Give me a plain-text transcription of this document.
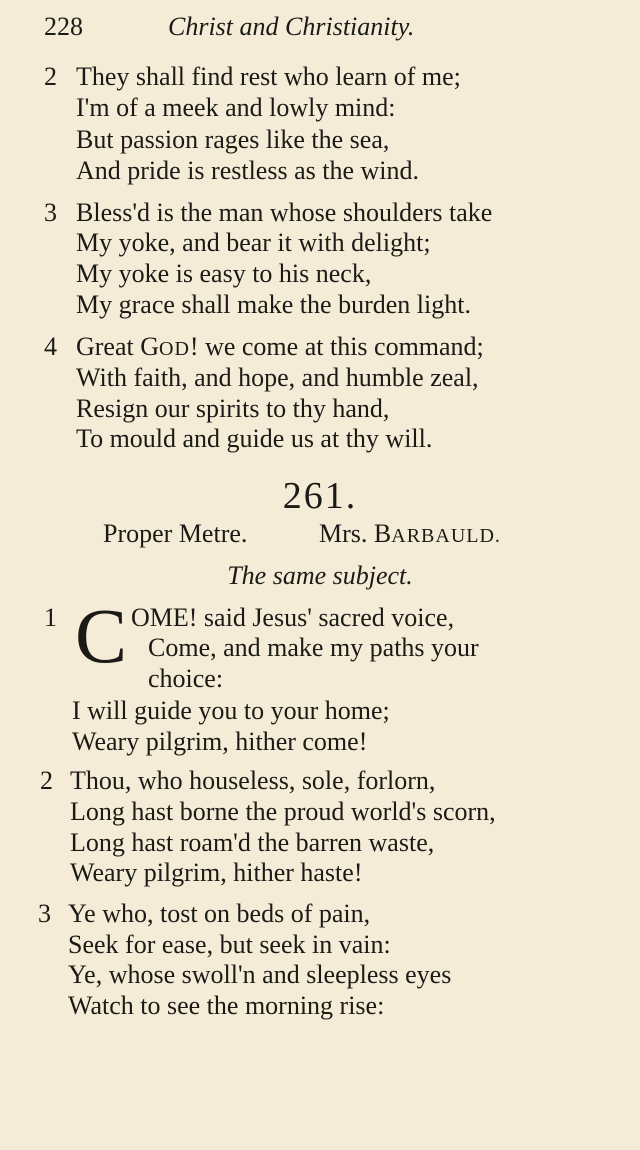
228	Christ and Christianity.
2 They shall find rest who learn of me;
I'm of a meek and lowly mind:
But passion rages like the sea,
And pride is restless as the wind.
3 Bless'd is the man whose shoulders take
My yoke, and bear it with delight;
My yoke is easy to his neck,
My grace shall make the burden light.
4 Great GOD! we come at this command;
With faith, and hope, and humble zeal,
Resign our spirits to thy hand,
To mould and guide us at thy will.
261.
Proper Metre.	Mrs. BARBAULD.
The same subject.
1 C OME! said Jesus' sacred voice,
Come, and make my paths your
choice:
I will guide you to your home;
Weary pilgrim, hither come!
2 Thou, who houseless, sole, forlorn,
Long hast borne the proud world's scorn,
Long hast roam'd the barren waste,
Weary pilgrim, hither haste!
3 Ye who, tost on beds of pain,
Seek for ease, but seek in vain:
Ye, whose swoll'n and sleepless eyes
Watch to see the morning rise:
